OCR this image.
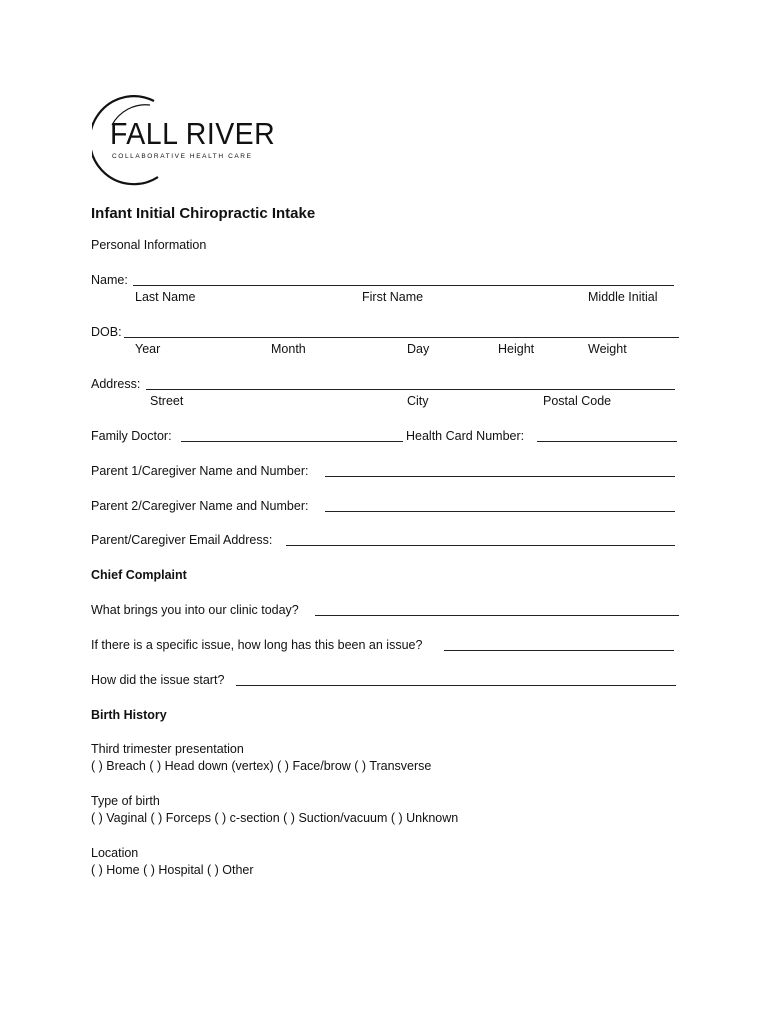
FALL RIVER
COLLABORATIVE HEALTH CARE
Infant Initial Chiropractic Intake
Personal Information
Name:
Last Name	First Name	Middle Initial
DOB:
Year	Month	Day	Height	Weight
Address:
Street	City	Postal Code
Family Doctor:	Health Card Number:
Parent 1/Caregiver Name and Number:
Parent 2/Caregiver Name and Number:
Parent/Caregiver Email Address:
Chief Complaint
What brings you into our clinic today?
If there is a specific issue, how long has this been an issue?
How did the issue start?
Birth History
Third trimester presentation
( ) Breach ( ) Head down (vertex) ( ) Face/brow ( ) Transverse
Type of birth
( ) Vaginal ( ) Forceps ( ) c-section ( ) Suction/vacuum ( ) Unknown
Location
( ) Home ( ) Hospital ( ) Other
